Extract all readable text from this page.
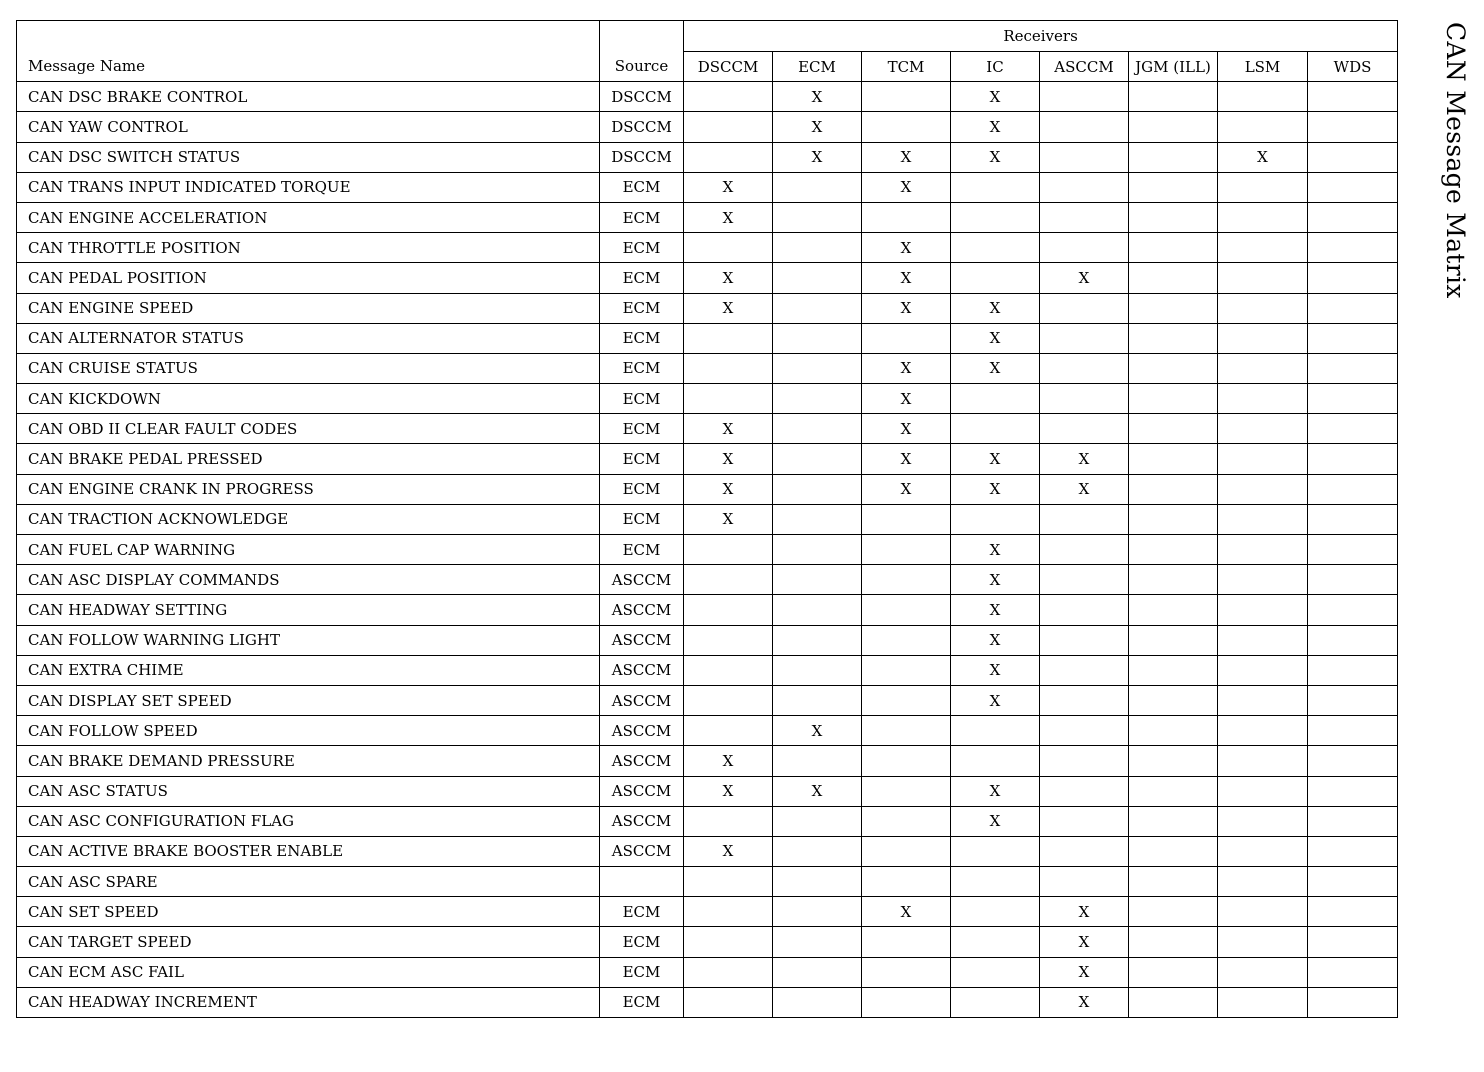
Message Name	Source	Receivers							
		DSCCM	ECM	TCM	IC	ASCCM	JGM (ILL)	LSM	WDS
CAN DSC BRAKE CONTROL	DSCCM		X		X				
CAN YAW CONTROL	DSCCM		X		X				
CAN DSC SWITCH STATUS	DSCCM		X	X	X			X	
CAN TRANS INPUT INDICATED TORQUE	ECM	X		X					
CAN ENGINE ACCELERATION	ECM	X							
CAN THROTTLE POSITION	ECM			X					
CAN PEDAL POSITION	ECM	X		X		X			
CAN ENGINE SPEED	ECM	X		X	X				
CAN ALTERNATOR STATUS	ECM				X				
CAN CRUISE STATUS	ECM			X	X				
CAN KICKDOWN	ECM			X					
CAN OBD II CLEAR FAULT CODES	ECM	X		X					
CAN BRAKE PEDAL PRESSED	ECM	X		X	X	X			
CAN ENGINE CRANK IN PROGRESS	ECM	X		X	X	X			
CAN TRACTION ACKNOWLEDGE	ECM	X							
CAN FUEL CAP WARNING	ECM				X				
CAN ASC DISPLAY COMMANDS	ASCCM				X				
CAN HEADWAY SETTING	ASCCM				X				
CAN FOLLOW WARNING LIGHT	ASCCM				X				
CAN EXTRA CHIME	ASCCM				X				
CAN DISPLAY SET SPEED	ASCCM				X				
CAN FOLLOW SPEED	ASCCM		X						
CAN BRAKE DEMAND PRESSURE	ASCCM	X							
CAN ASC STATUS	ASCCM	X	X		X				
CAN ASC CONFIGURATION FLAG	ASCCM				X				
CAN ACTIVE BRAKE BOOSTER ENABLE	ASCCM	X							
CAN ASC SPARE									
CAN SET SPEED	ECM			X		X			
CAN TARGET SPEED	ECM					X			
CAN ECM ASC FAIL	ECM					X			
CAN HEADWAY INCREMENT	ECM					X			
CAN Message Matrix
